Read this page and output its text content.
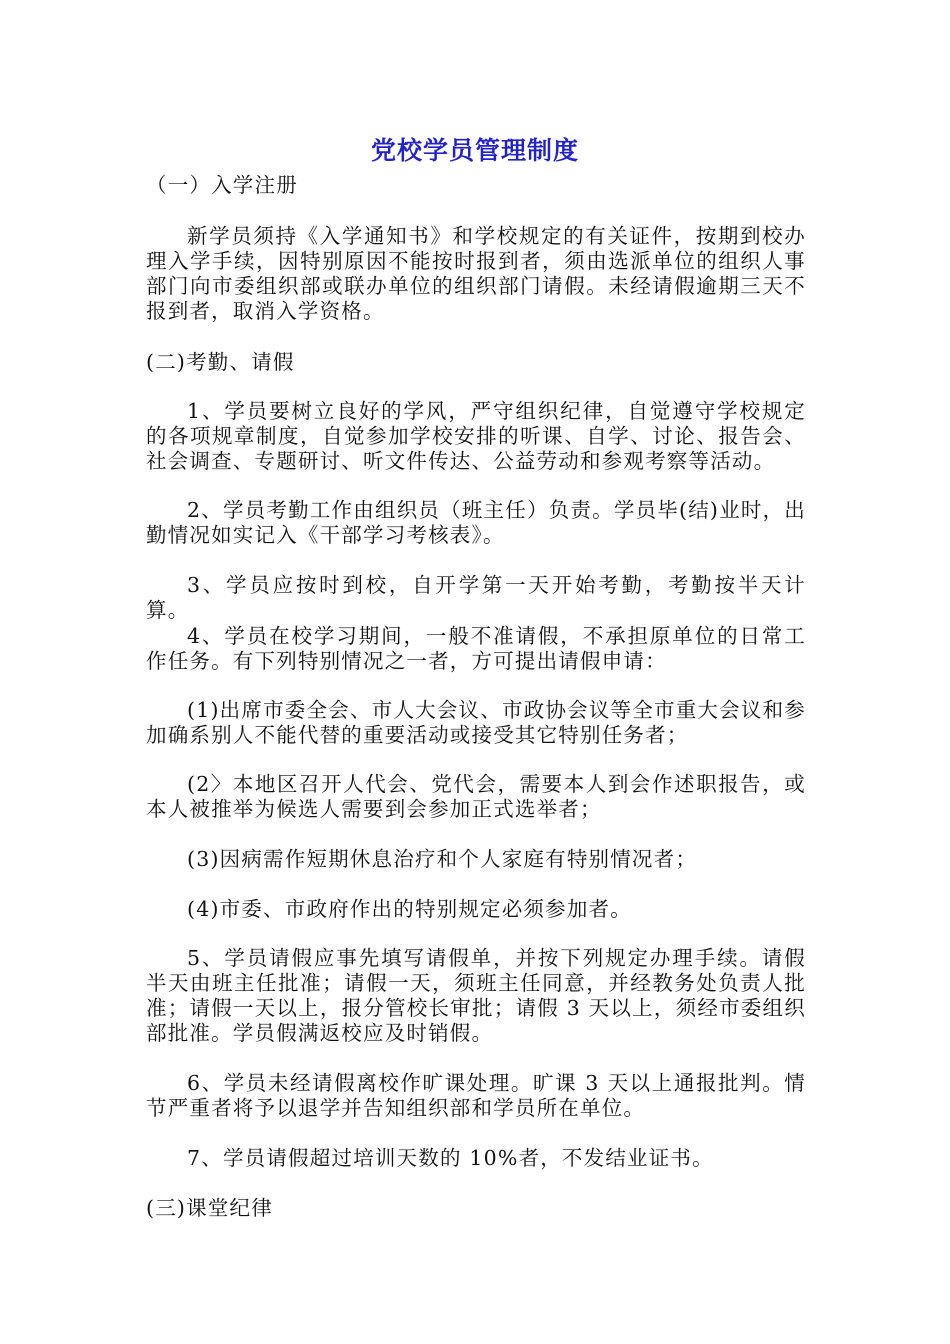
党校学员管理制度
（一）入学注册

新学员须持《入学通知书》和学校规定的有关证件，按期到校办理入学手续，因特别原因不能按时报到者，须由选派单位的组织人事部门向市委组织部或联办单位的组织部门请假。未经请假逾期三天不报到者，取消入学资格。

(二)考勤、请假

1、学员要树立良好的学风，严守组织纪律，自觉遵守学校规定的各项规章制度，自觉参加学校安排的听课、自学、讨论、报告会、社会调查、专题研讨、听文件传达、公益劳动和参观考察等活动。

2、学员考勤工作由组织员（班主任）负责。学员毕(结)业时，出勤情况如实记入《干部学习考核表》。

3、学员应按时到校，自开学第一天开始考勤，考勤按半天计算。

4、学员在校学习期间，一般不准请假，不承担原单位的日常工作任务。有下列特别情况之一者，方可提出请假申请：

(1)出席市委全会、市人大会议、市政协会议等全市重大会议和参加确系别人不能代替的重要活动或接受其它特别任务者；

(2〉本地区召开人代会、党代会，需要本人到会作述职报告，或本人被推举为候选人需要到会参加正式选举者；

(3)因病需作短期休息治疗和个人家庭有特别情况者；

(4)市委、市政府作出的特别规定必须参加者。

5、学员请假应事先填写请假单，并按下列规定办理手续。请假半天由班主任批准；请假一天，须班主任同意，并经教务处负责人批准；请假一天以上，报分管校长审批；请假 3 天以上，须经市委组织部批准。学员假满返校应及时销假。

6、学员未经请假离校作旷课处理。旷课 3 天以上通报批判。情节严重者将予以退学并告知组织部和学员所在单位。

7、学员请假超过培训天数的 10%者，不发结业证书。

(三)课堂纪律
